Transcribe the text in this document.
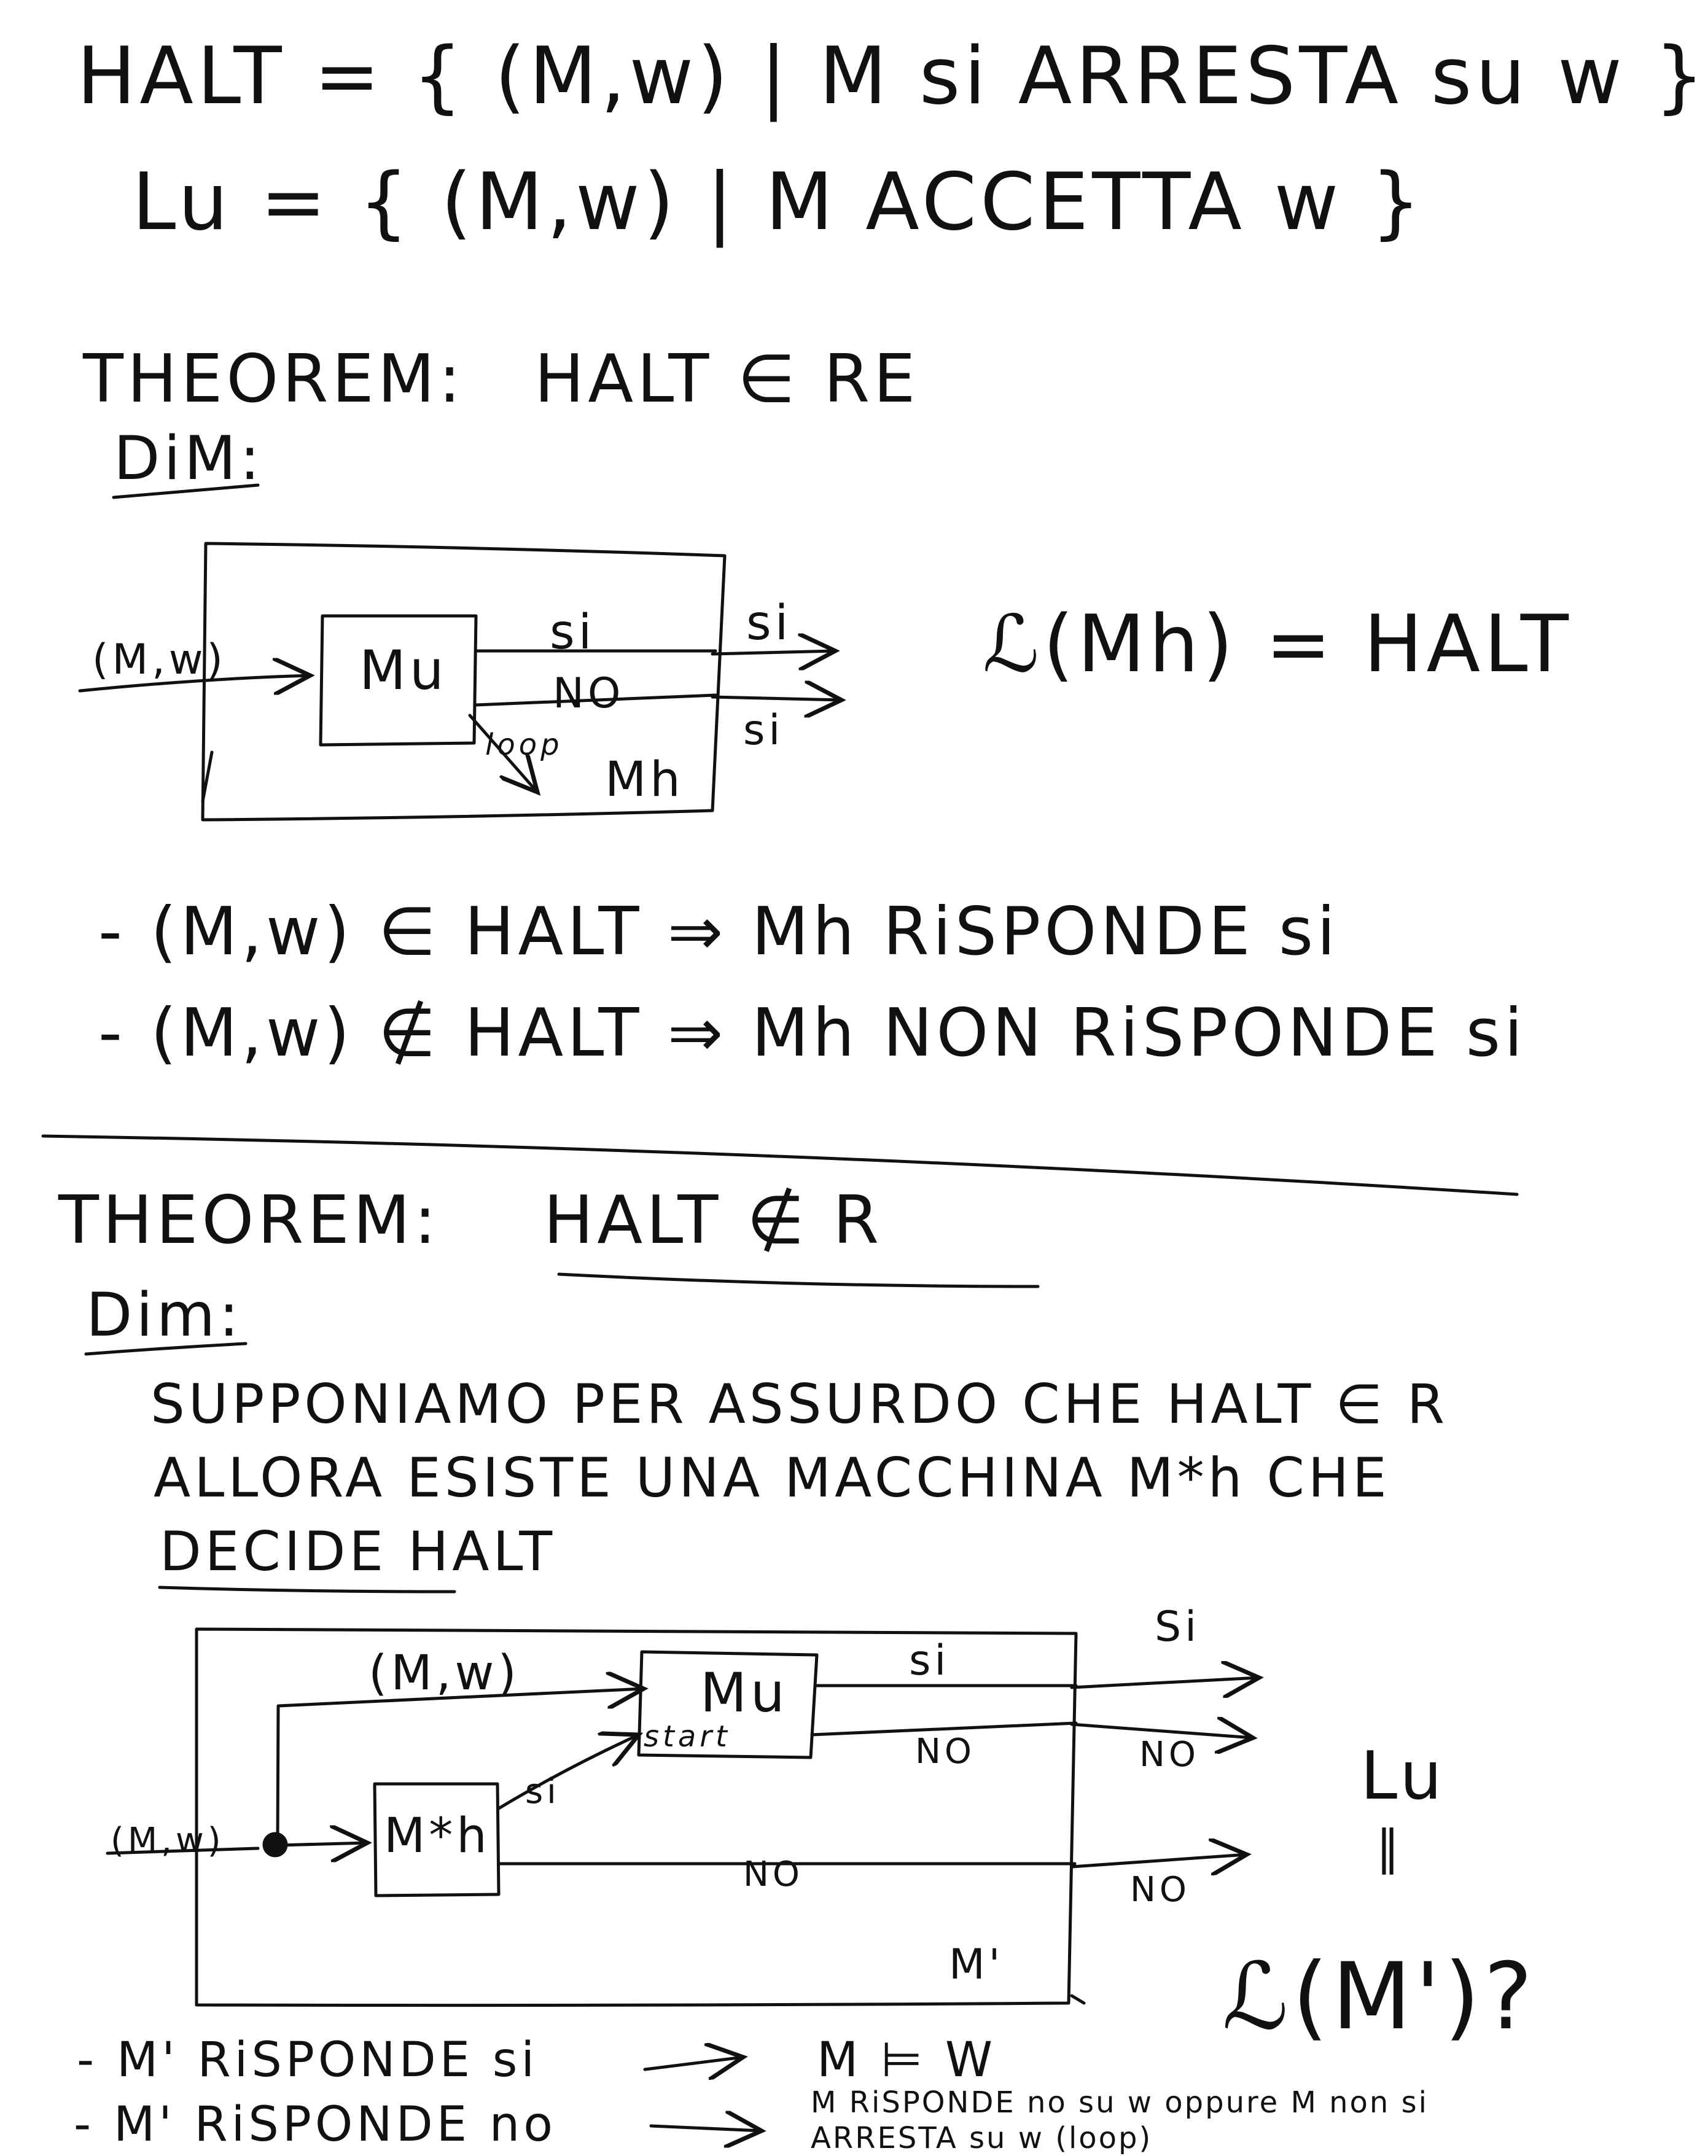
HALT = { (M,w) | M si ARRESTA su w }
Lu = { (M,w) | M ACCETTA w }
THEOREM: HALT ∈ RE
DiM:
(M,w) Mu
si
NO
loop
si
si
Mh
ℒ(Mh) = HALT
- (M,w) ∈ HALT ⇒ Mh RiSPONDE si
- (M,w) ∉ HALT ⇒ Mh NON RiSPONDE si
THEOREM: HALT ∉ R
Dim:
SUPPONIAMO PER ASSURDO CHE HALT ∈ R
ALLORA ESISTE UNA MACCHINA M*h CHE
DECIDE HALT
(M,w)
(M,w)
M*h
si
Mu
start
si
NO
Si
NO
NO	NO
M'
Lu
∥
ℒ(M')?
- M' RiSPONDE si	M ⊨ W
- M' RiSPONDE no	M RiSPONDE no su w oppure M non si ARRESTA su w (loop)
